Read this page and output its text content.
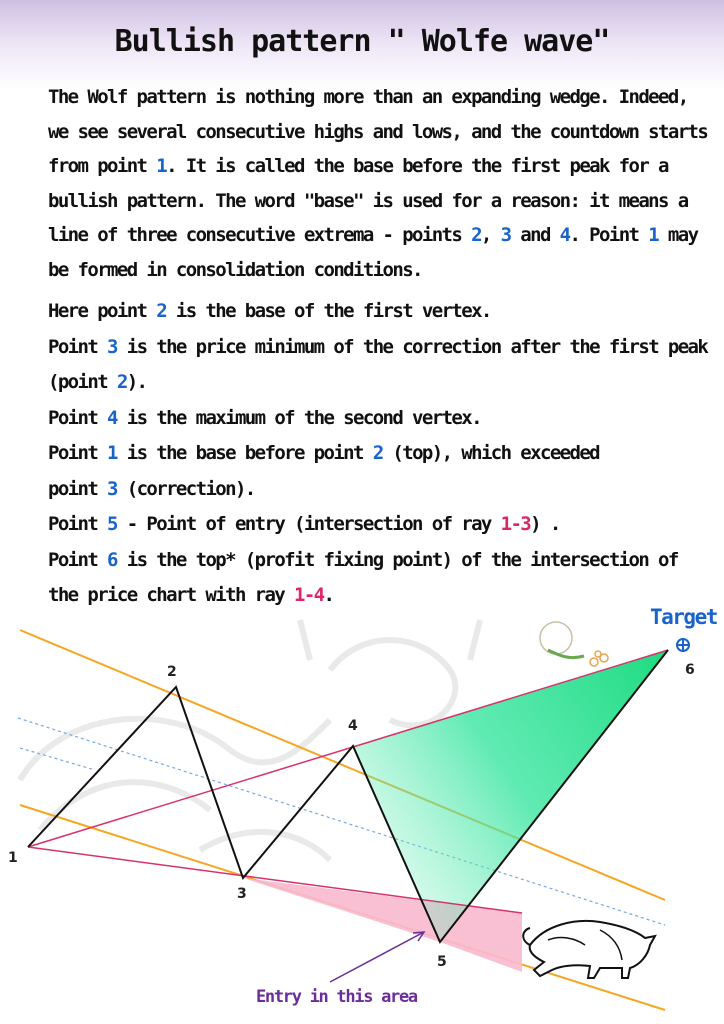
Bullish pattern " Wolfe wave"
The Wolf pattern is nothing more than an expanding wedge. Indeed, we see several consecutive highs and lows, and the countdown starts from point 1. It is called the base before the first peak for a bullish pattern. The word "base" is used for a reason: it means a line of three consecutive extrema - points 2, 3 and 4. Point 1 may be formed in consolidation conditions.
Here point 2 is the base of the first vertex.
Point 3 is the price minimum of the correction after the first peak (point 2).
Point 4 is the maximum of the second vertex.
Point 1 is the base before point 2 (top), which exceeded
point 3 (correction).
Point 5 - Point of entry (intersection of ray 1-3) .
Point 6 is the top* (profit fixing point) of the intersection of
the price chart with ray 1-4.
1
2
3
4
5
6
Target
Entry in this area
